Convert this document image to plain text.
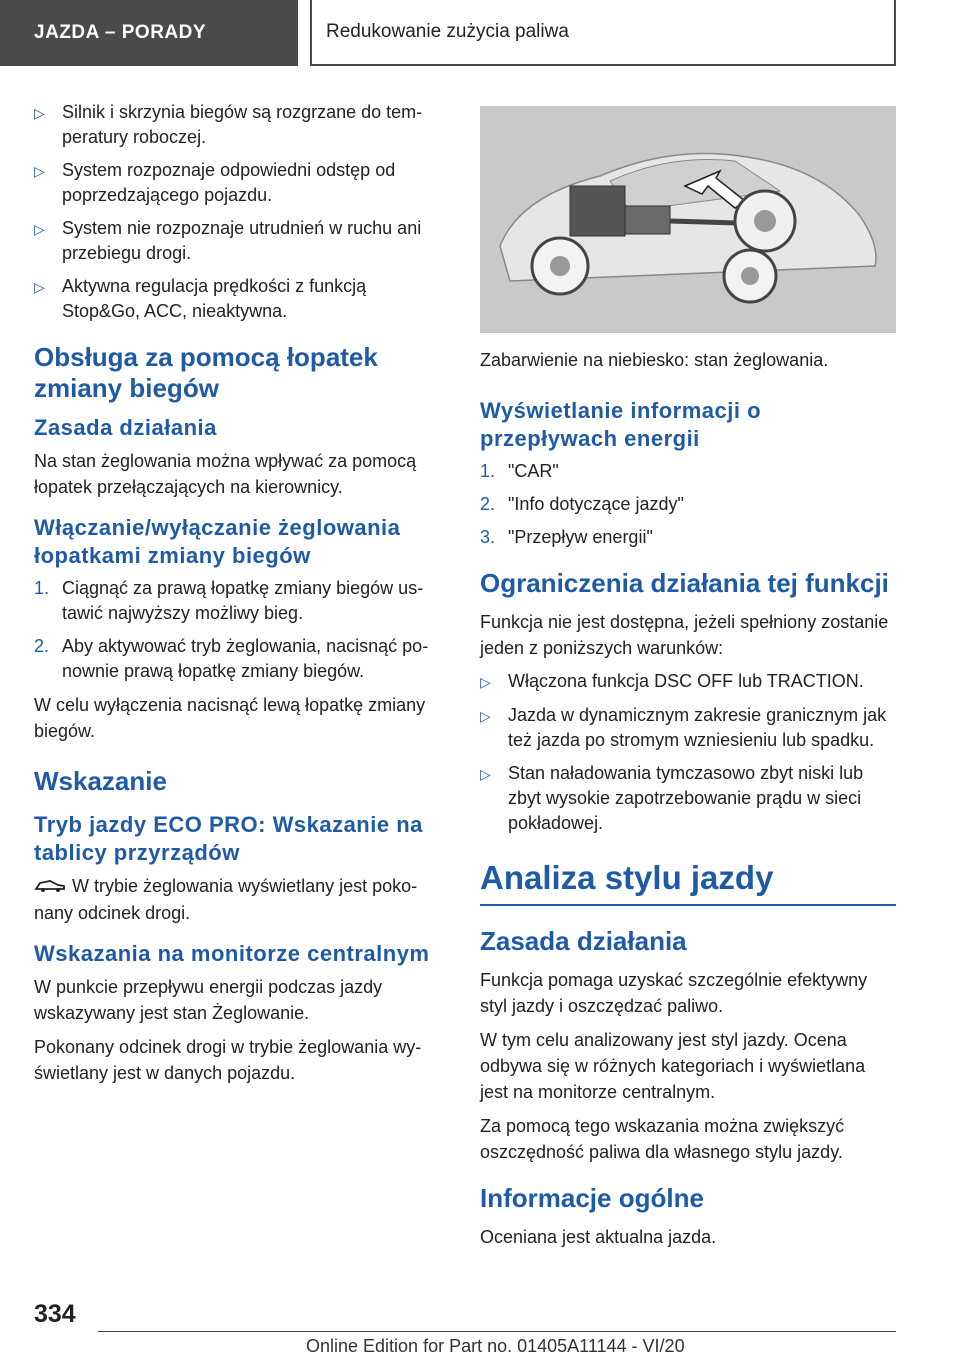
JAZDA – PORADY	Redukowanie zużycia paliwa
▷ Silnik i skrzynia biegów są rozgrzane do temperatury roboczej.
▷ System rozpoznaje odpowiedni odstęp od poprzedzającego pojazdu.
▷ System nie rozpoznaje utrudnień w ruchu ani przebiegu drogi.
▷ Aktywna regulacja prędkości z funkcją Stop&Go, ACC, nieaktywna.
Obsługa za pomocą łopatek zmiany biegów
Zasada działania

Na stan żeglowania można wpływać za pomocą łopatek przełączających na kierownicy.

Włączanie/wyłączanie żeglowania łopatkami zmiany biegów
1. Ciągnąć za prawą łopatkę zmiany biegów ustawić najwyższy możliwy bieg.
2. Aby aktywować tryb żeglowania, nacisnąć ponownie prawą łopatkę zmiany biegów.

W celu wyłączenia nacisnąć lewą łopatkę zmiany biegów.

Wskazanie
Tryb jazdy ECO PRO: Wskazanie na tablicy przyrządów

W trybie żeglowania wyświetlany jest pokonany odcinek drogi.

Wskazania na monitorze centralnym

W punkcie przepływu energii podczas jazdy wskazywany jest stan Żeglowanie.

Pokonany odcinek drogi w trybie żeglowania wyświetlany jest w danych pojazdu.

Zabarwienie na niebiesko: stan żeglowania.

Wyświetlanie informacji o przepływach energii
1. "CAR"
2. "Info dotyczące jazdy"
3. "Przepływ energii"
Ograniczenia działania tej funkcji

Funkcja nie jest dostępna, jeżeli spełniony zostanie jeden z poniższych warunków:

▷ Włączona funkcja DSC OFF lub TRACTION.
▷ Jazda w dynamicznym zakresie granicznym jak też jazda po stromym wzniesieniu lub spadku.
▷ Stan naładowania tymczasowo zbyt niski lub zbyt wysokie zapotrzebowanie prądu w sieci pokładowej.
Analiza stylu jazdy
Zasada działania

Funkcja pomaga uzyskać szczególnie efektywny styl jazdy i oszczędzać paliwo.

W tym celu analizowany jest styl jazdy. Ocena odbywa się w różnych kategoriach i wyświetlana jest na monitorze centralnym.

Za pomocą tego wskazania można zwiększyć oszczędność paliwa dla własnego stylu jazdy.

Informacje ogólne

Oceniana jest aktualna jazda.

334
Online Edition for Part no. 01405A11144 - VI/20
